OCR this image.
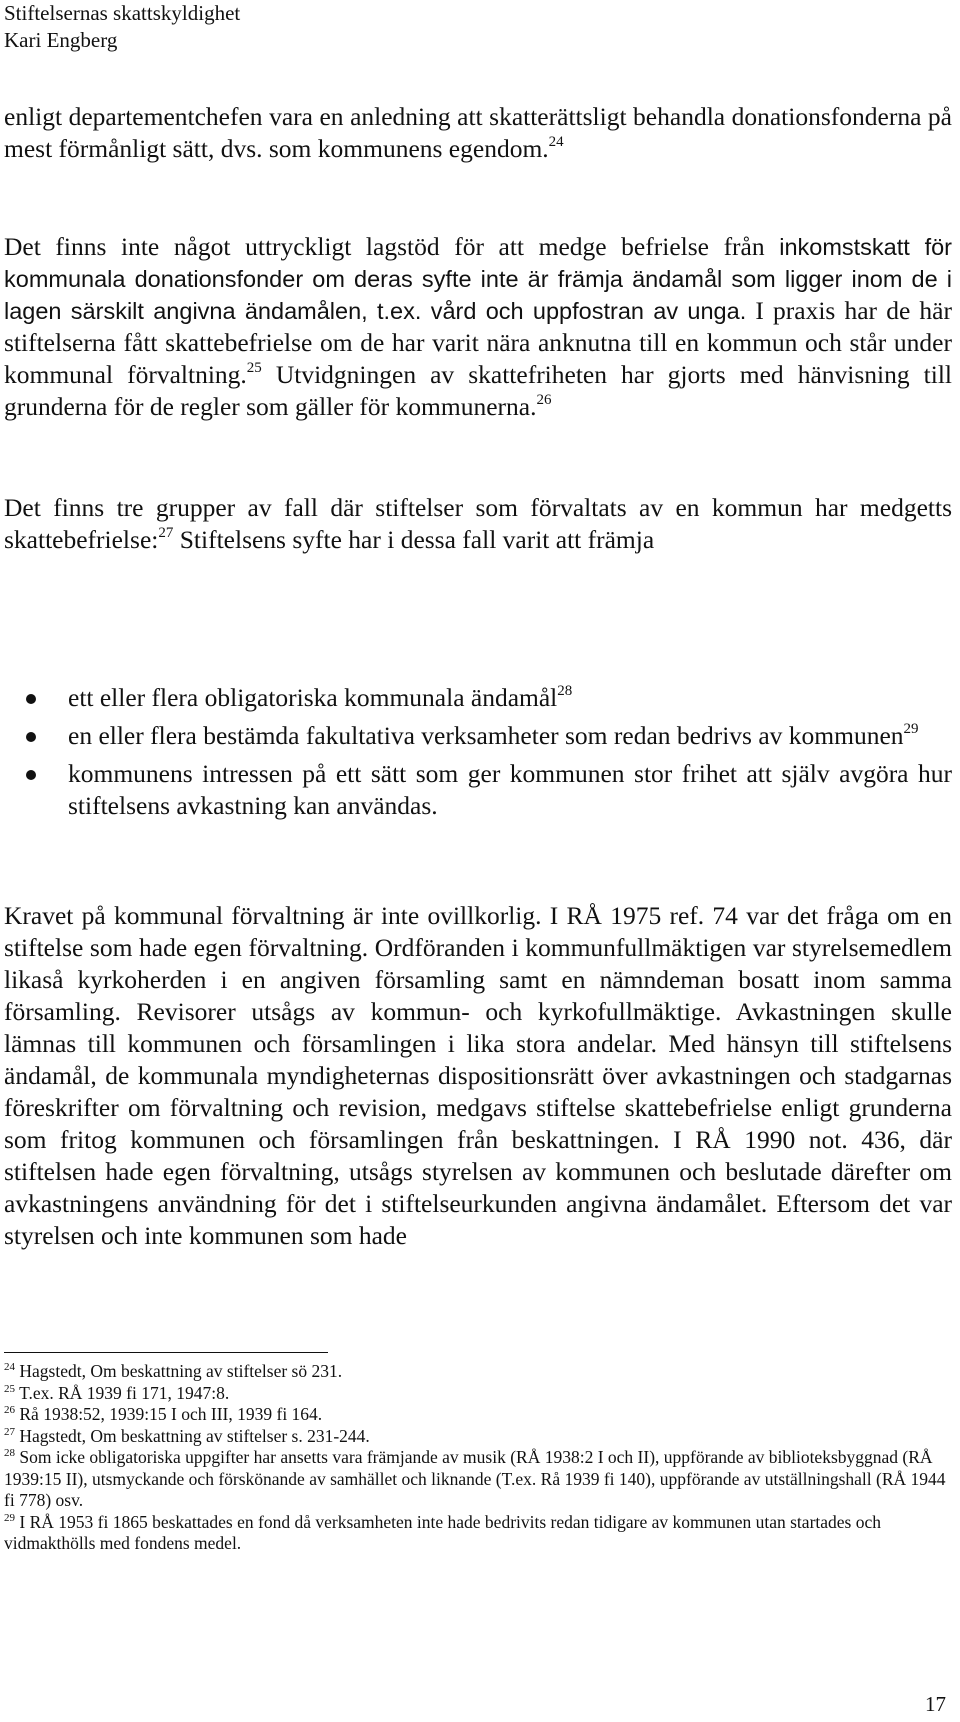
Stiftelsernas skattskyldighet
Kari Engberg

enligt departementchefen vara en anledning att skatterättsligt behandla donationsfonderna på mest förmånligt sätt, dvs. som kommunens egendom.$^{24}$

Det finns inte något uttryckligt lagstöd för att medge befrielse från inkomstskatt för kommunala donationsfonder om deras syfte inte är främja ändamål som ligger inom de i lagen särskilt angivna ändamålen, t.ex. vård och uppfostran av unga. I praxis har de här stiftelserna fått skattebefrielse om de har varit nära anknutna till en kommun och står under kommunal förvaltning.$^{25}$ Utvidgningen av skattefriheten har gjorts med hänvisning till grunderna för de regler som gäller för kommunerna.$^{26}$

Det finns tre grupper av fall där stiftelser som förvaltats av en kommun har medgetts skattebefrielse:$^{27}$ Stiftelsens syfte har i dessa fall varit att främja

ett eller flera obligatoriska kommunala ändamål$^{28}$
en eller flera bestämda fakultativa verksamheter som redan bedrivs av kommunen$^{29}$
kommunens intressen på ett sätt som ger kommunen stor frihet att själv avgöra hur stiftelsens avkastning kan användas.

Kravet på kommunal förvaltning är inte ovillkorlig. I RÅ 1975 ref. 74 var det fråga om en stiftelse som hade egen förvaltning. Ordföranden i kommunfullmäktigen var styrelsemedlem likaså kyrkoherden i en angiven församling samt en nämndeman bosatt inom samma församling. Revisorer utsågs av kommun- och kyrkofullmäktige. Avkastningen skulle lämnas till kommunen och församlingen i lika stora andelar. Med hänsyn till stiftelsens ändamål, de kommunala myndigheternas dispositionsrätt över avkastningen och stadgarnas föreskrifter om förvaltning och revision, medgavs stiftelse skattebefrielse enligt grunderna som fritog kommunen och församlingen från beskattningen. I RÅ 1990 not. 436, där stiftelsen hade egen förvaltning, utsågs styrelsen av kommunen och beslutade därefter om avkastningens användning för det i stiftelseurkunden angivna ändamålet. Eftersom det var styrelsen och inte kommunen som hade

$^{24}$ Hagstedt, Om beskattning av stiftelser sö 231.

$^{25}$ T.ex. RÅ 1939 fi 171, 1947:8.

$^{26}$ Rå 1938:52, 1939:15 I och III, 1939 fi 164.

$^{27}$ Hagstedt, Om beskattning av stiftelser s. 231-244.

$^{28}$ Som icke obligatoriska uppgifter har ansetts vara främjande av musik (RÅ 1938:2 I och II), uppförande av biblioteksbyggnad (RÅ 1939:15 II), utsmyckande och förskönande av samhället och liknande (T.ex. Rå 1939 fi 140), uppförande av utställningshall (RÅ 1944 fi 778) osv.

$^{29}$ I RÅ 1953 fi 1865 beskattades en fond då verksamheten inte hade bedrivits redan tidigare av kommunen utan startades och vidmakthölls med fondens medel.

17
